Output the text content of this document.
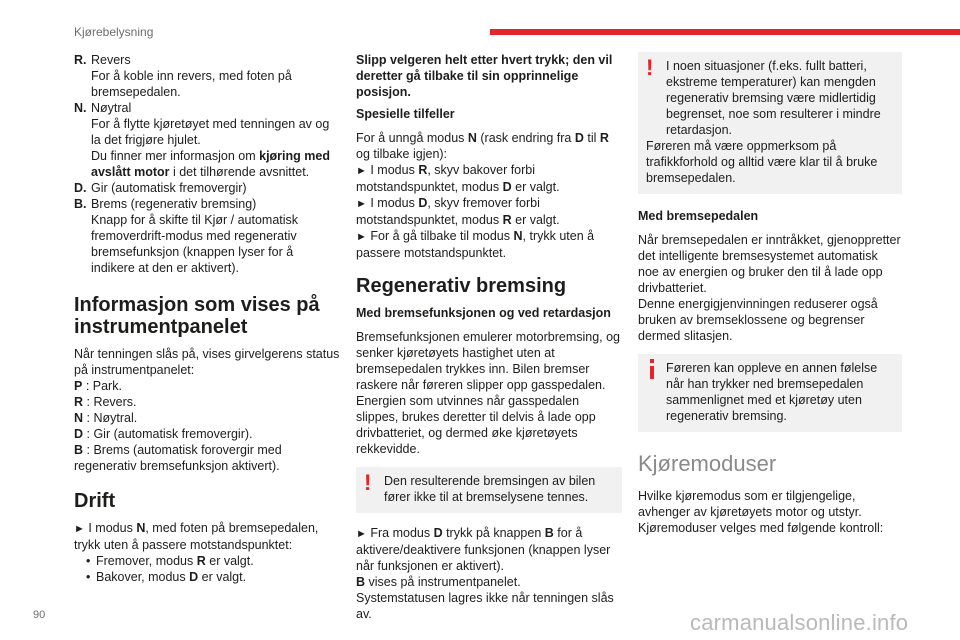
Kjørebelysning
R. Revers

For å koble inn revers, med foten på bremsepedalen.

N. Nøytral

For å flytte kjøretøyet med tenningen av og la det frigjøre hjulet.

Du finner mer informasjon om kjøring med avslått motor i det tilhørende avsnittet.

D. Gir (automatisk fremovergir)

B. Brems (regenerativ bremsing)

Knapp for å skifte til Kjør / automatisk fremoverdrift-modus med regenerativ bremsefunksjon (knappen lyser for å indikere at den er aktivert).

Informasjon som vises på instrumentpanelet

Når tenningen slås på, vises girvelgerens status på instrumentpanelet:

P : Park.

R : Revers.

N : Nøytral.

D : Gir (automatisk fremovergir).

B : Brems (automatisk forovergir med regenerativ bremsefunksjon aktivert).

Drift

► I modus N, med foten på bremsepedalen, trykk uten å passere motstandspunktet:

• Fremover, modus R er valgt.
• Bakover, modus D er valgt.

Slipp velgeren helt etter hvert trykk; den vil deretter gå tilbake til sin opprinnelige posisjon.

Spesielle tilfeller

For å unngå modus N (rask endring fra D til R og tilbake igjen):

► I modus R, skyv bakover forbi motstandspunktet, modus D er valgt.

► I modus D, skyv fremover forbi motstandspunktet, modus R er valgt.

► For å gå tilbake til modus N, trykk uten å passere motstandspunktet.

Regenerativ bremsing
Med bremsefunksjonen og ved retardasjon

Bremsefunksjonen emulerer motorbremsing, og senker kjøretøyets hastighet uten at bremsepedalen trykkes inn. Bilen bremser raskere når føreren slipper opp gasspedalen. Energien som utvinnes når gasspedalen slippes, brukes deretter til delvis å lade opp drivbatteriet, og dermed øke kjøretøyets rekkevidde.

!	Den resulterende bremsingen av bilen fører ikke til at bremselysene tennes.

► Fra modus D trykk på knappen B for å aktivere/deaktivere funksjonen (knappen lyser når funksjonen er aktivert).

B vises på instrumentpanelet.

Systemstatusen lagres ikke når tenningen slås av.

!	I noen situasjoner (f.eks. fullt batteri, ekstreme temperaturer) kan mengden regenerativ bremsing være midlertidig begrenset, noe som resulterer i mindre retardasjon.

Føreren må være oppmerksom på trafikkforhold og alltid være klar til å bruke bremsepedalen.

Med bremsepedalen

Når bremsepedalen er inntråkket, gjenoppretter det intelligente bremsesystemet automatisk noe av energien og bruker den til å lade opp drivbatteriet.

Denne energigjenvinningen reduserer også bruken av bremseklossene og begrenser dermed slitasjen.

Føreren kan oppleve en annen følelse når han trykker ned bremsepedalen sammenlignet med et kjøretøy uten regenerativ bremsing.

Kjøremoduser

Hvilke kjøremodus som er tilgjengelige, avhenger av kjøretøyets motor og utstyr. Kjøremoduser velges med følgende kontroll:

90	carmanualsonline.info
